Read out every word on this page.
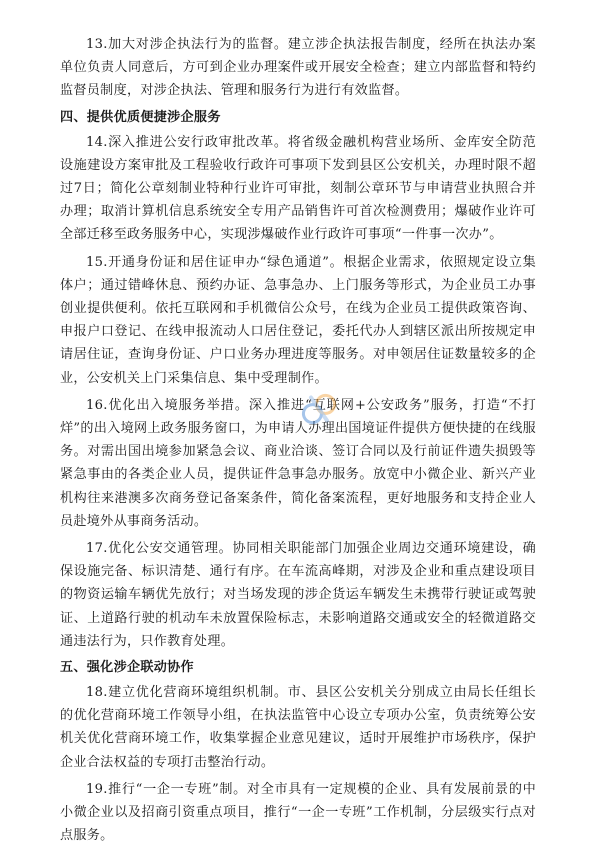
13.加大对涉企执法行为的监督。建立涉企执法报告制度，经所在执法办案单位负责人同意后，方可到企业办理案件或开展安全检查；建立内部监督和特约监督员制度，对涉企执法、管理和服务行为进行有效监督。

四、提供优质便捷涉企服务

14.深入推进公安行政审批改革。将省级金融机构营业场所、金库安全防范设施建设方案审批及工程验收行政许可事项下发到县区公安机关，办理时限不超过7日；简化公章刻制业特种行业许可审批，刻制公章环节与申请营业执照合并办理；取消计算机信息系统安全专用产品销售许可首次检测费用；爆破作业许可全部迁移至政务服务中心，实现涉爆破作业行政许可事项“一件事一次办”。

15.开通身份证和居住证申办“绿色通道”。根据企业需求，依照规定设立集体户；通过错峰休息、预约办证、急事急办、上门服务等形式，为企业员工办事创业提供便利。依托互联网和手机微信公众号，在线为企业员工提供政策咨询、申报户口登记、在线申报流动人口居住登记，委托代办人到辖区派出所按规定申请居住证，查询身份证、户口业务办理进度等服务。对申领居住证数量较多的企业，公安机关上门采集信息、集中受理制作。

16.优化出入境服务举措。深入推进“互联网+公安政务”服务，打造“不打烊”的出入境网上政务服务窗口，为申请人办理出国境证件提供方便快捷的在线服务。对需出国出境参加紧急会议、商业洽谈、签订合同以及行前证件遗失损毁等紧急事由的各类企业人员，提供证件急事急办服务。放宽中小微企业、新兴产业机构往来港澳多次商务登记备案条件，简化备案流程，更好地服务和支持企业人员赴境外从事商务活动。

17.优化公安交通管理。协同相关职能部门加强企业周边交通环境建设，确保设施完备、标识清楚、通行有序。在车流高峰期，对涉及企业和重点建设项目的物资运输车辆优先放行；对当场发现的涉企货运车辆发生未携带行驶证或驾驶证、上道路行驶的机动车未放置保险标志，未影响道路交通或安全的轻微道路交通违法行为，只作教育处理。

五、强化涉企联动协作

18.建立优化营商环境组织机制。市、县区公安机关分别成立由局长任组长的优化营商环境工作领导小组，在执法监管中心设立专项办公室，负责统筹公安机关优化营商环境工作，收集掌握企业意见建议，适时开展维护市场秩序，保护企业合法权益的专项打击整治行动。

19.推行“一企一专班”制。对全市具有一定规模的企业、具有发展前景的中小微企业以及招商引资重点项目，推行“一企一专班”工作机制，分层级实行点对点服务。
